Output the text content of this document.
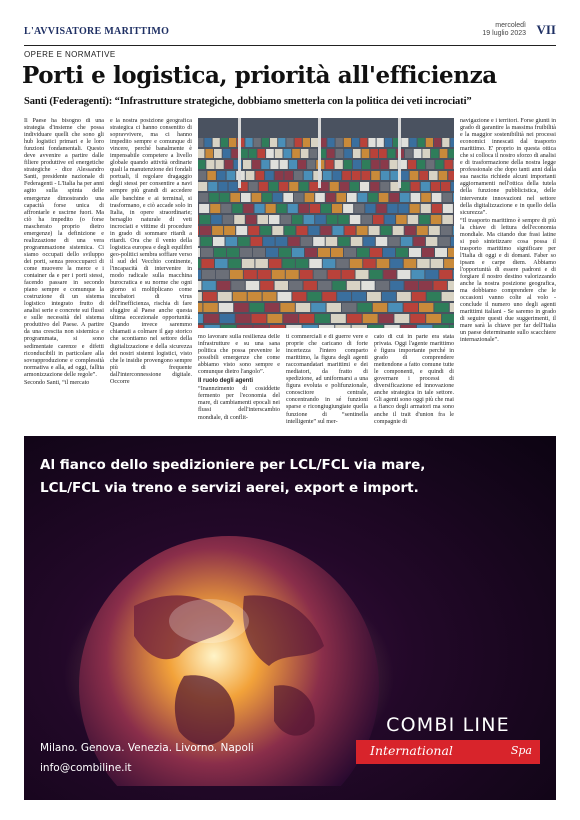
L'AVVISATORE MARITTIMO
mercoledì
19 luglio 2023 VII
OPERE E NORMATIVE
Porti e logistica, priorità all'efficienza
Santi (Federagenti): “Infrastrutture strategiche, dobbiamo smetterla con la politica dei veti incrociati”

Il Paese ha bisogno di una strategia d'insieme che possa individuare quelli che sono gli hub logistici primari e le loro funzioni fondamentali. Questo deve avvenire a partire dalle filiere produttive ed energetiche strategiche - dice Alessandro Santi, presidente nazionale di Federagenti - L'Italia ha per anni agito sulla spinta delle emergenze dimostrando una capacità forse unica di affrontarle e uscirne fuori. Ma ciò ha impedito (o forse mascherato proprio dietro emergenze) la definizione e realizzazione di una vera programmazione sistemica. Ci siamo occupati dello sviluppo dei porti, senza preoccuparci di come muovere la merce e i container da e per i porti stessi, facendo passare in secondo piano sempre e comunque la costruzione di un sistema logistico integrato frutto di analisi serie e concrete sui flussi e sulle necessità del sistema produttivo del Paese. A partire da una crescita non sistemica e programmata, si sono sedimentate carenze e difetti riconducibili in particolare alla sovrapproduzione e complessità normativa e alla, ad oggi, fallita armonizzazione delle regole”.

Secondo Santi, “il mercato

e la nostra posizione geografica strategica ci hanno consentito di sopravvivere, ma ci hanno impedito sempre e comunque di vincere, perché banalmente è impensabile competere a livello globale quando attività ordinarie quali la manutenzione dei fondali portuali, il regolare dragaggio degli stessi per consentire a navi sempre più grandi di accedere alle banchine e ai terminal, si trasformano, e ciò accade solo in Italia, in opere straordinarie; bersaglio naturale di veti incrociati e vittime di procedure in grado di sommare ritardi a ritardi. Ora che il vento della logistica europea e degli equilibri geo-politici sembra soffiare verso il sud del Vecchio continente, l'incapacità di intervenire in modo radicale sulla macchina burocratica e su norme che ogni giorno si moltiplicano come incubatori di virus dell'inefficienza, rischia di fare sfuggire al Paese anche questa ultima eccezionale opportunità. Quando invece saremmo chiamati a colmare il gap storico che scontiamo nel settore della digitalizzazione e della sicurezza dei nostri sistemi logistici, visto che le insidie provengono sempre più di frequente dall'interconnessione digitale. Occorre

mo lavorare sulla resilienza delle infrastrutture e su una sana politica che possa prevenire le possibili emergenze che come abbiamo visto sono sempre e comunque dietro l'angolo”.

Il ruolo degli agenti

“Inannzimento di cosiddette fermento per l'economia del mare, di cambiamenti epocali nei flussi dell'interscambio mondiale, di conflit-

ti commerciali e di guerre vere e proprie che caricano di forte incertezza l'intero comparto marittimo, la figura degli agenti raccomandatari marittimi e dei mediatori, da fratto di spedizione, ad uniformarsi a una figura evoluta e polifunzionale, conoscitore centrale, concentrando in sé funzioni sparse e ricongiugiungiate quella funzione di “sentinella intelligente” sul mer-

cato di cui in parte era stata privata. Oggi l'agente marittimo è figura importante perché in grado di comprendere mettendone a fatto comune tutte le componenti, e quindi di governare i processi di diversificazione ed innovazione anche strategica in tale settore. Gli agenti sono oggi più che mai a fianco degli armatori ma sono anche il trait d'union fra le compagnie di

navigazione e i territori. Forse giunti in grado di garantire la massima fruibilità e la maggior sostenibilità nei processi economici innescati dal trasporto marittimo. E' proprio in questa ottica che si colloca il nostro sforzo di analisi e di trasformazione della nostra legge professionale che dopo tanti anni dalla sua nascita richiede alcuni importanti aggiornamenti nell'ottica della tutela della funzione pubblicistica, delle intervenute innovazioni nel settore della digitalizzazione e in quello della sicurezza”.

“Il trasporto marittimo è sempre di più la chiave di lettura dell'economia mondiale. Ma citando due frasi latine si può sintetizzare cosa possa il trasporto marittimo significare per l'Italia di oggi e di domani. Faber so ipsam e carpe diem. Abbiamo l'opportunità di essere padroni e di forgiare il nostro destino valorizzando anche la nostra posizione geografica, ma dobbiamo comprendere che le occasioni vanno colte al volo - conclude il numero uno degli agenti marittimi italiani - Se saremo in grado di seguire questi due suggerimenti, il mare sarà la chiave per far dell'Italia un paese determinante sullo scacchiere internazionale”.

Al fianco dello spedizioniere per LCL/FCL via mare,
LCL/FCL via treno e servizi aerei, export e import.
COMBI LINE
International	Spa
Milano. Genova. Venezia. Livorno. Napoli
info@combiline.it
